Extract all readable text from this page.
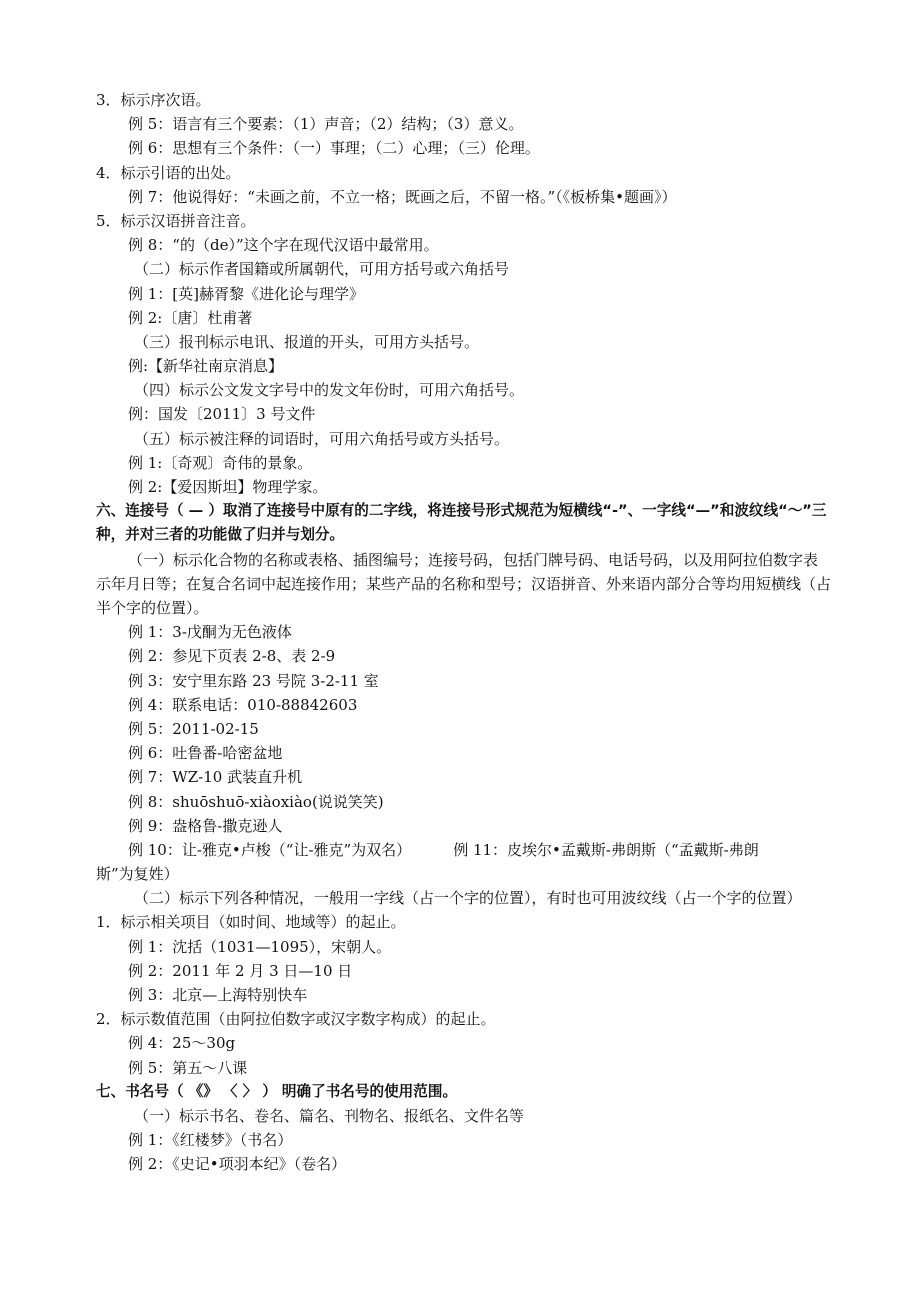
3．标示序次语。
例 5：语言有三个要素：（1）声音；（2）结构；（3）意义。
例 6：思想有三个条件：（一）事理；（二）心理；（三）伦理。
4．标示引语的出处。
例 7：他说得好：“未画之前，不立一格；既画之后，不留一格。”（《板桥集•题画》）
5．标示汉语拼音注音。
例 8：“的（de）”这个字在现代汉语中最常用。
（二）标示作者国籍或所属朝代，可用方括号或六角括号
例 1：[英]赫胥黎《进化论与理学》
例 2:〔唐〕杜甫著
（三）报刊标示电讯、报道的开头，可用方头括号。
例:【新华社南京消息】
（四）标示公文发文字号中的发文年份时，可用六角括号。
例：国发〔2011〕3 号文件
（五）标示被注释的词语时，可用六角括号或方头括号。
例 1:〔奇观〕奇伟的景象。
例 2:【爱因斯坦】物理学家。
六、连接号（ — ）取消了连接号中原有的二字线，将连接号形式规范为短横线“-”、一字线“—”和波纹线“～”三种，并对三者的功能做了归并与划分。
（一）标示化合物的名称或表格、插图编号；连接号码，包括门牌号码、电话号码，以及用阿拉伯数字表示年月日等；在复合名词中起连接作用；某些产品的名称和型号；汉语拼音、外来语内部分合等均用短横线（占半个字的位置）。
例 1：3-戊酮为无色液体
例 2：参见下页表 2-8、表 2-9
例 3：安宁里东路 23 号院 3-2-11 室
例 4：联系电话：010-88842603
例 5：2011-02-15
例 6：吐鲁番-哈密盆地
例 7：WZ-10 武装直升机
例 8：shuōshuō-xiàoxiào(说说笑笑)
例 9：盎格鲁-撒克逊人
例 10：让-雅克•卢梭（“让-雅克”为双名）	例 11：皮埃尔•孟戴斯-弗朗斯（“孟戴斯-弗朗
斯”为复姓）
（二）标示下列各种情况，一般用一字线（占一个字的位置），有时也可用波纹线（占一个字的位置）
1．标示相关项目（如时间、地域等）的起止。
例 1：沈括（1031—1095），宋朝人。
例 2：2011 年 2 月 3 日—10 日
例 3：北京—上海特别快车
2．标示数值范围（由阿拉伯数字或汉字数字构成）的起止。
例 4：25～30g
例 5：第五～八课
七、书名号（ 《》 〈 〉 ） 明确了书名号的使用范围。
（一）标示书名、卷名、篇名、刊物名、报纸名、文件名等
例 1：《红楼梦》（书名）
例 2：《史记•项羽本纪》（卷名）
